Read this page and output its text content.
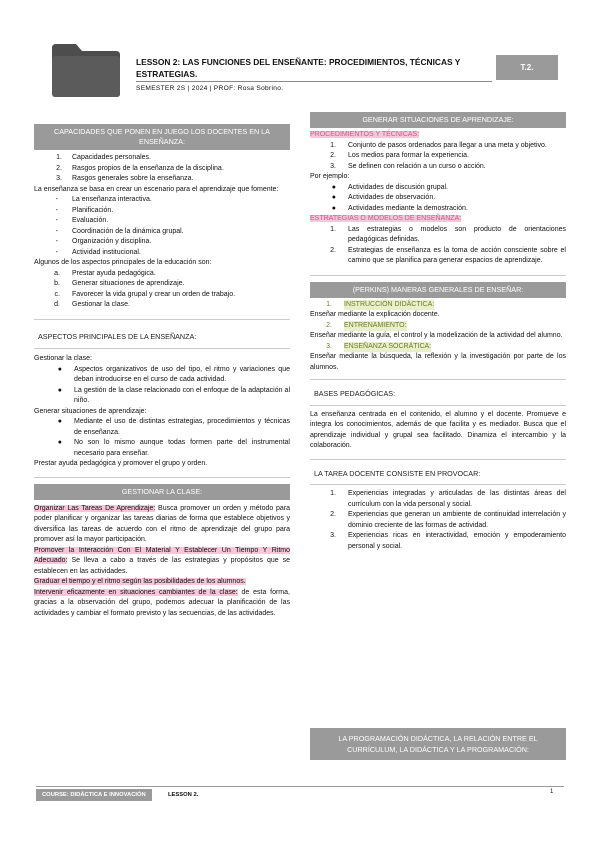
LESSON 2: LAS FUNCIONES DEL ENSEÑANTE: PROCEDIMIENTOS, TÉCNICAS Y ESTRATEGIAS.
SEMESTER 2S | 2024 | PROF: Rosa Sobrino.
T.2.
CAPACIDADES QUE PONEN EN JUEGO LOS DOCENTES EN LA ENSEÑANZA:
1.	Capacidades personales.
2.	Rasgos propios de la enseñanza de la disciplina.
3.	Rasgos generales sobre la enseñanza.

La enseñanza se basa en crear un escenario para el aprendizaje que fomente:

-	La enseñanza interactiva.
-	Planificación.
-	Evaluación.
-	Coordinación de la dinámica grupal.
-	Organización y disciplina.
-	Actividad institucional.

Algunos de los aspectos principales de la educación son:

a.	Prestar ayuda pedagógica.
b.	Generar situaciones de aprendizaje.
c.	Favorecer la vida grupal y crear un orden de trabajo.
d.	Gestionar la clase.
ASPECTOS PRINCIPALES DE LA ENSEÑANZA:

Gestionar la clase:

●	Aspectos organizativos de uso del tipo, el ritmo y variaciones que deban introducirse en el curso de cada actividad.
●	La gestión de la clase relacionado con el enfoque de la adaptación al niño.

Generar situaciones de aprendizaje:

●	Mediante el uso de distintas estrategias, procedimientos y técnicas de enseñanza.
●	No son lo mismo aunque todas formen parte del instrumental necesario para enseñar.

Prestar ayuda pedagógica y promover el grupo y orden.

GESTIONAR LA CLASE:

Organizar Las Tareas De Aprendizaje: Busca promover un orden y método para poder planificar y organizar las tareas diarias de forma que establece objetivos y diversifica las tareas de acuerdo con el ritmo de aprendizaje del grupo para promover así la mayor participación.

Promover la Interacción Con El Material Y Establecer Un Tiempo Y Ritmo Adecuado: Se lleva a cabo a través de las estrategias y propósitos que se establecen en las actividades.

Graduar el tiempo y el ritmo según las posibilidades de los alumnos.

Intervenir eficazmente en situaciones cambiantes de la clase: de esta forma, gracias a la observación del grupo, podemos adecuar la planificación de las actividades y cambiar el formato previsto y las secuencias, de las actividades.

GENERAR SITUACIONES DE APRENDIZAJE:
PROCEDIMIENTOS Y TÉCNICAS:
1.	Conjunto de pasos ordenados para llegar a una meta y objetivo.
2.	Los medios para formar la experiencia.
3.	Se definen con relación a un curso o acción.

Por ejemplo:

●	Actividades de discusión grupal.
●	Actividades de observación.
●	Actividades mediante la demostración.
ESTRATEGIAS O MODELOS DE ENSEÑANZA:
1.	Las estrategias o modelos son producto de orientaciones pedagógicas definidas.
2.	Estrategias de enseñanza es la toma de acción consciente sobre el camino que se planifica para generar espacios de aprendizaje.
(PERKINS) MANERAS GENERALES DE ENSEÑAR:
1.	INSTRUCCIÓN DIDÁCTICA:

Enseñar mediante la explicación docente.

2.	ENTRENAMIENTO:

Enseñar mediante la guía, el control y la modelización de la actividad del alumno.

3.	ENSEÑANZA SOCRÁTICA:

Enseñar mediante la búsqueda, la reflexión y la investigación por parte de los alumnos.

BASES PEDAGÓGICAS:

La enseñanza centrada en el contenido, el alumno y el docente. Promueve e integra los conocimientos, además de que facilita y es mediador. Busca que el aprendizaje individual y grupal sea facilitado. Dinamiza el intercambio y la colaboración.

LA TAREA DOCENTE CONSISTE EN PROVOCAR:
1.	Experiencias integradas y articuladas de las distintas áreas del currículum con la vida personal y social.
2.	Experiencias que generan un ambiente de continuidad interrelación y dominio creciente de las formas de actividad.
3.	Experiencias ricas en interactividad, emoción y empoderamiento personal y social.
LA PROGRAMACIÓN DIDÁCTICA, LA RELACIÓN ENTRE EL CURRÍCULUM, LA DIDÁCTICA Y LA PROGRAMACIÓN:
COURSE: DIDÁCTICA E INNOVACIÓN	LESSON 2.	1
